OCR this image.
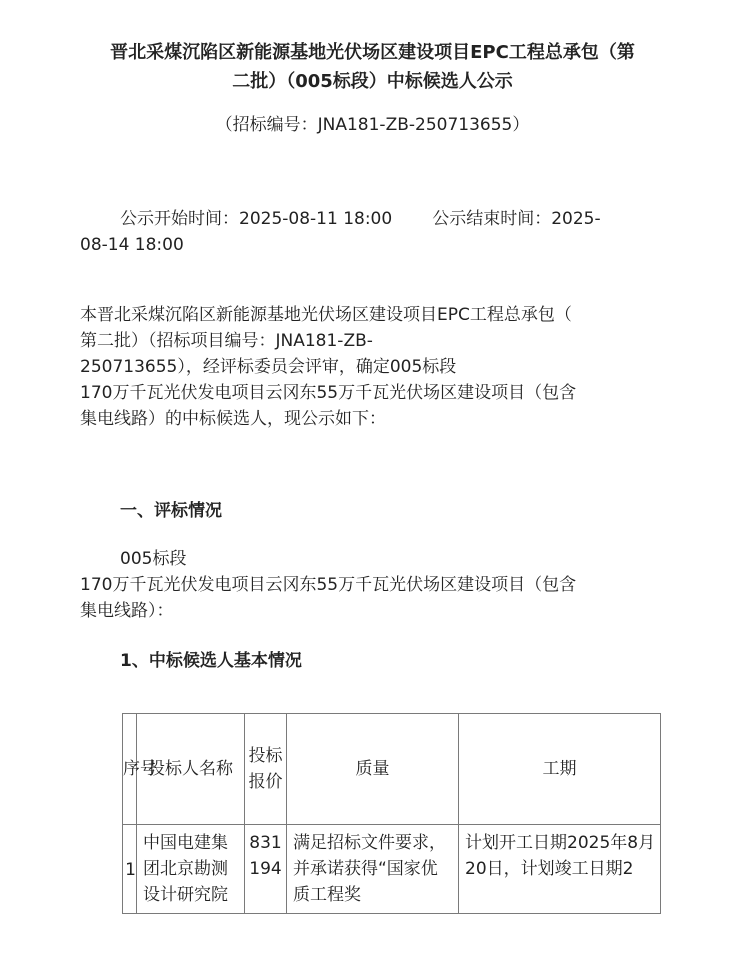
晋北采煤沉陷区新能源基地光伏场区建设项目EPC工程总承包（第
二批）（005标段）中标候选人公示

（招标编号：JNA181-ZB-250713655）

公示开始时间：2025-08-11 18:00 公示结束时间：2025-
08-14 18:00

本晋北采煤沉陷区新能源基地光伏场区建设项目EPC工程总承包（
第二批）（招标项目编号：JNA181-ZB-
250713655），经评标委员会评审，确定005标段
170万千瓦光伏发电项目云冈东55万千瓦光伏场区建设项目（包含
集电线路）的中标候选人，现公示如下：

一、评标情况

005标段
170万千瓦光伏发电项目云冈东55万千瓦光伏场区建设项目（包含
集电线路）：

1、中标候选人基本情况
序号	投标人名称	投标报价	质量	工期

1	中国电建集团北京勘测设计研究院	831194	满足招标文件要求，并承诺获得“国家优质工程奖	计划开工日期2025年8月
20日，计划竣工日期2
